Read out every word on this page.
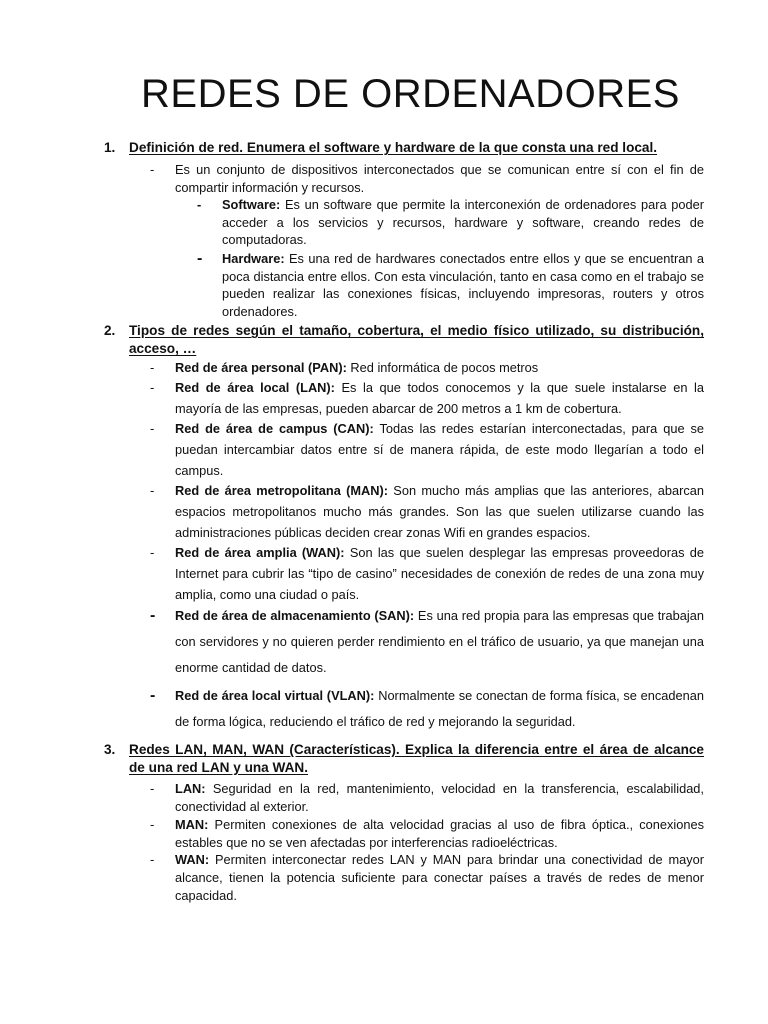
REDES DE ORDENADORES
1. Definición de red. Enumera el software y hardware de la que consta una red local.
- Es un conjunto de dispositivos interconectados que se comunican entre sí con el fin de compartir información y recursos.
- Software: Es un software que permite la interconexión de ordenadores para poder acceder a los servicios y recursos, hardware y software, creando redes de computadoras.
- Hardware: Es una red de hardwares conectados entre ellos y que se encuentran a poca distancia entre ellos. Con esta vinculación, tanto en casa como en el trabajo se pueden realizar las conexiones físicas, incluyendo impresoras, routers y otros ordenadores.
2. Tipos de redes según el tamaño, cobertura, el medio físico utilizado, su distribución, acceso, …
- Red de área personal (PAN): Red informática de pocos metros
- Red de área local (LAN): Es la que todos conocemos y la que suele instalarse en la mayoría de las empresas, pueden abarcar de 200 metros a 1 km de cobertura.
- Red de área de campus (CAN): Todas las redes estarían interconectadas, para que se puedan intercambiar datos entre sí de manera rápida, de este modo llegarían a todo el campus.
- Red de área metropolitana (MAN): Son mucho más amplias que las anteriores, abarcan espacios metropolitanos mucho más grandes. Son las que suelen utilizarse cuando las administraciones públicas deciden crear zonas Wifi en grandes espacios.
- Red de área amplia (WAN): Son las que suelen desplegar las empresas proveedoras de Internet para cubrir las “tipo de casino” necesidades de conexión de redes de una zona muy amplia, como una ciudad o país.
- Red de área de almacenamiento (SAN): Es una red propia para las empresas que trabajan con servidores y no quieren perder rendimiento en el tráfico de usuario, ya que manejan una enorme cantidad de datos.
- Red de área local virtual (VLAN): Normalmente se conectan de forma física, se encadenan de forma lógica, reduciendo el tráfico de red y mejorando la seguridad.
3. Redes LAN, MAN, WAN (Características). Explica la diferencia entre el área de alcance de una red LAN y una WAN.
- LAN: Seguridad en la red, mantenimiento, velocidad en la transferencia, escalabilidad, conectividad al exterior.
- MAN: Permiten conexiones de alta velocidad gracias al uso de fibra óptica., conexiones estables que no se ven afectadas por interferencias radioeléctricas.
- WAN: Permiten interconectar redes LAN y MAN para brindar una conectividad de mayor alcance, tienen la potencia suficiente para conectar países a través de redes de menor capacidad.
